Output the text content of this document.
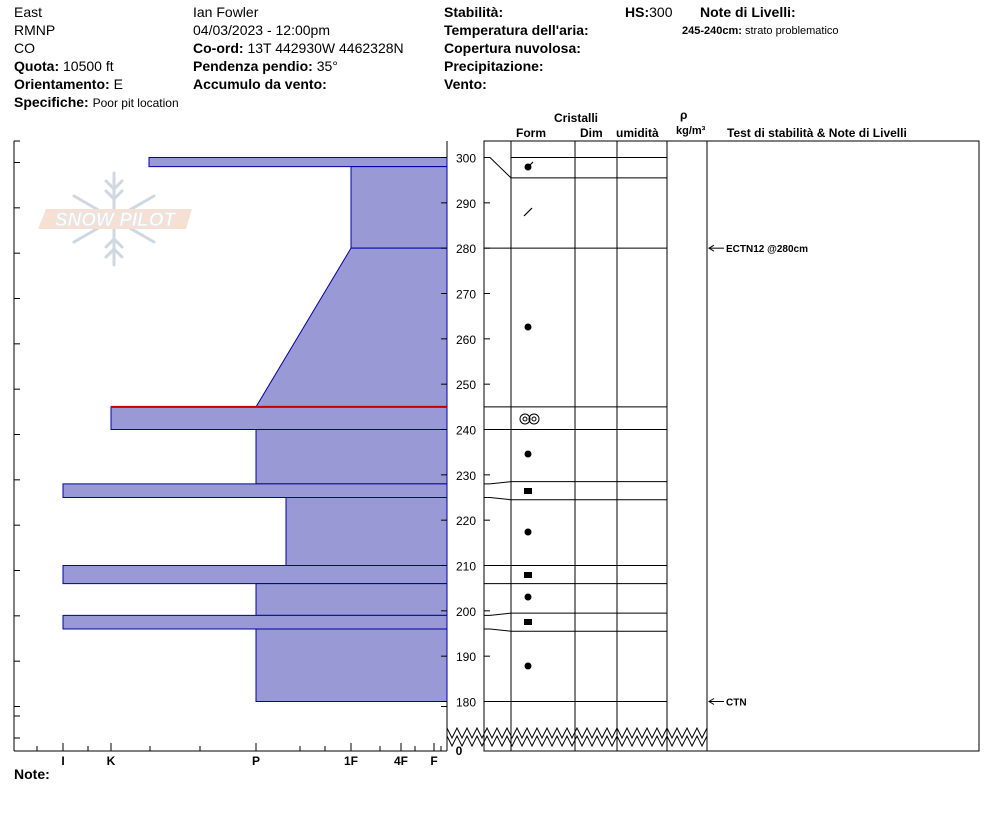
East
RMNP
CO
Quota: 10500 ft
Orientamento: E
Specifiche: Poor pit location
Ian Fowler
04/03/2023 - 12:00pm
Co-ord: 13T 442930W 4462328N
Pendenza pendio: 35°
Accumulo da vento:
Stabilità:
Temperatura dell'aria:
Copertura nuvolosa:
Precipitazione:
Vento:
HS:300 Note di Livelli:
245-240cm: strato problematico
Cristalli
Form	Dim umidità
ρ
kg/m³ Test di stabilità & Note di Livelli
Note:
SNOW PILOT
I	K	P	1F	4F F
300
290
280
270
260
250
240
230
220
210
200
190
180
0
ECTN12 @280cm
CTN
